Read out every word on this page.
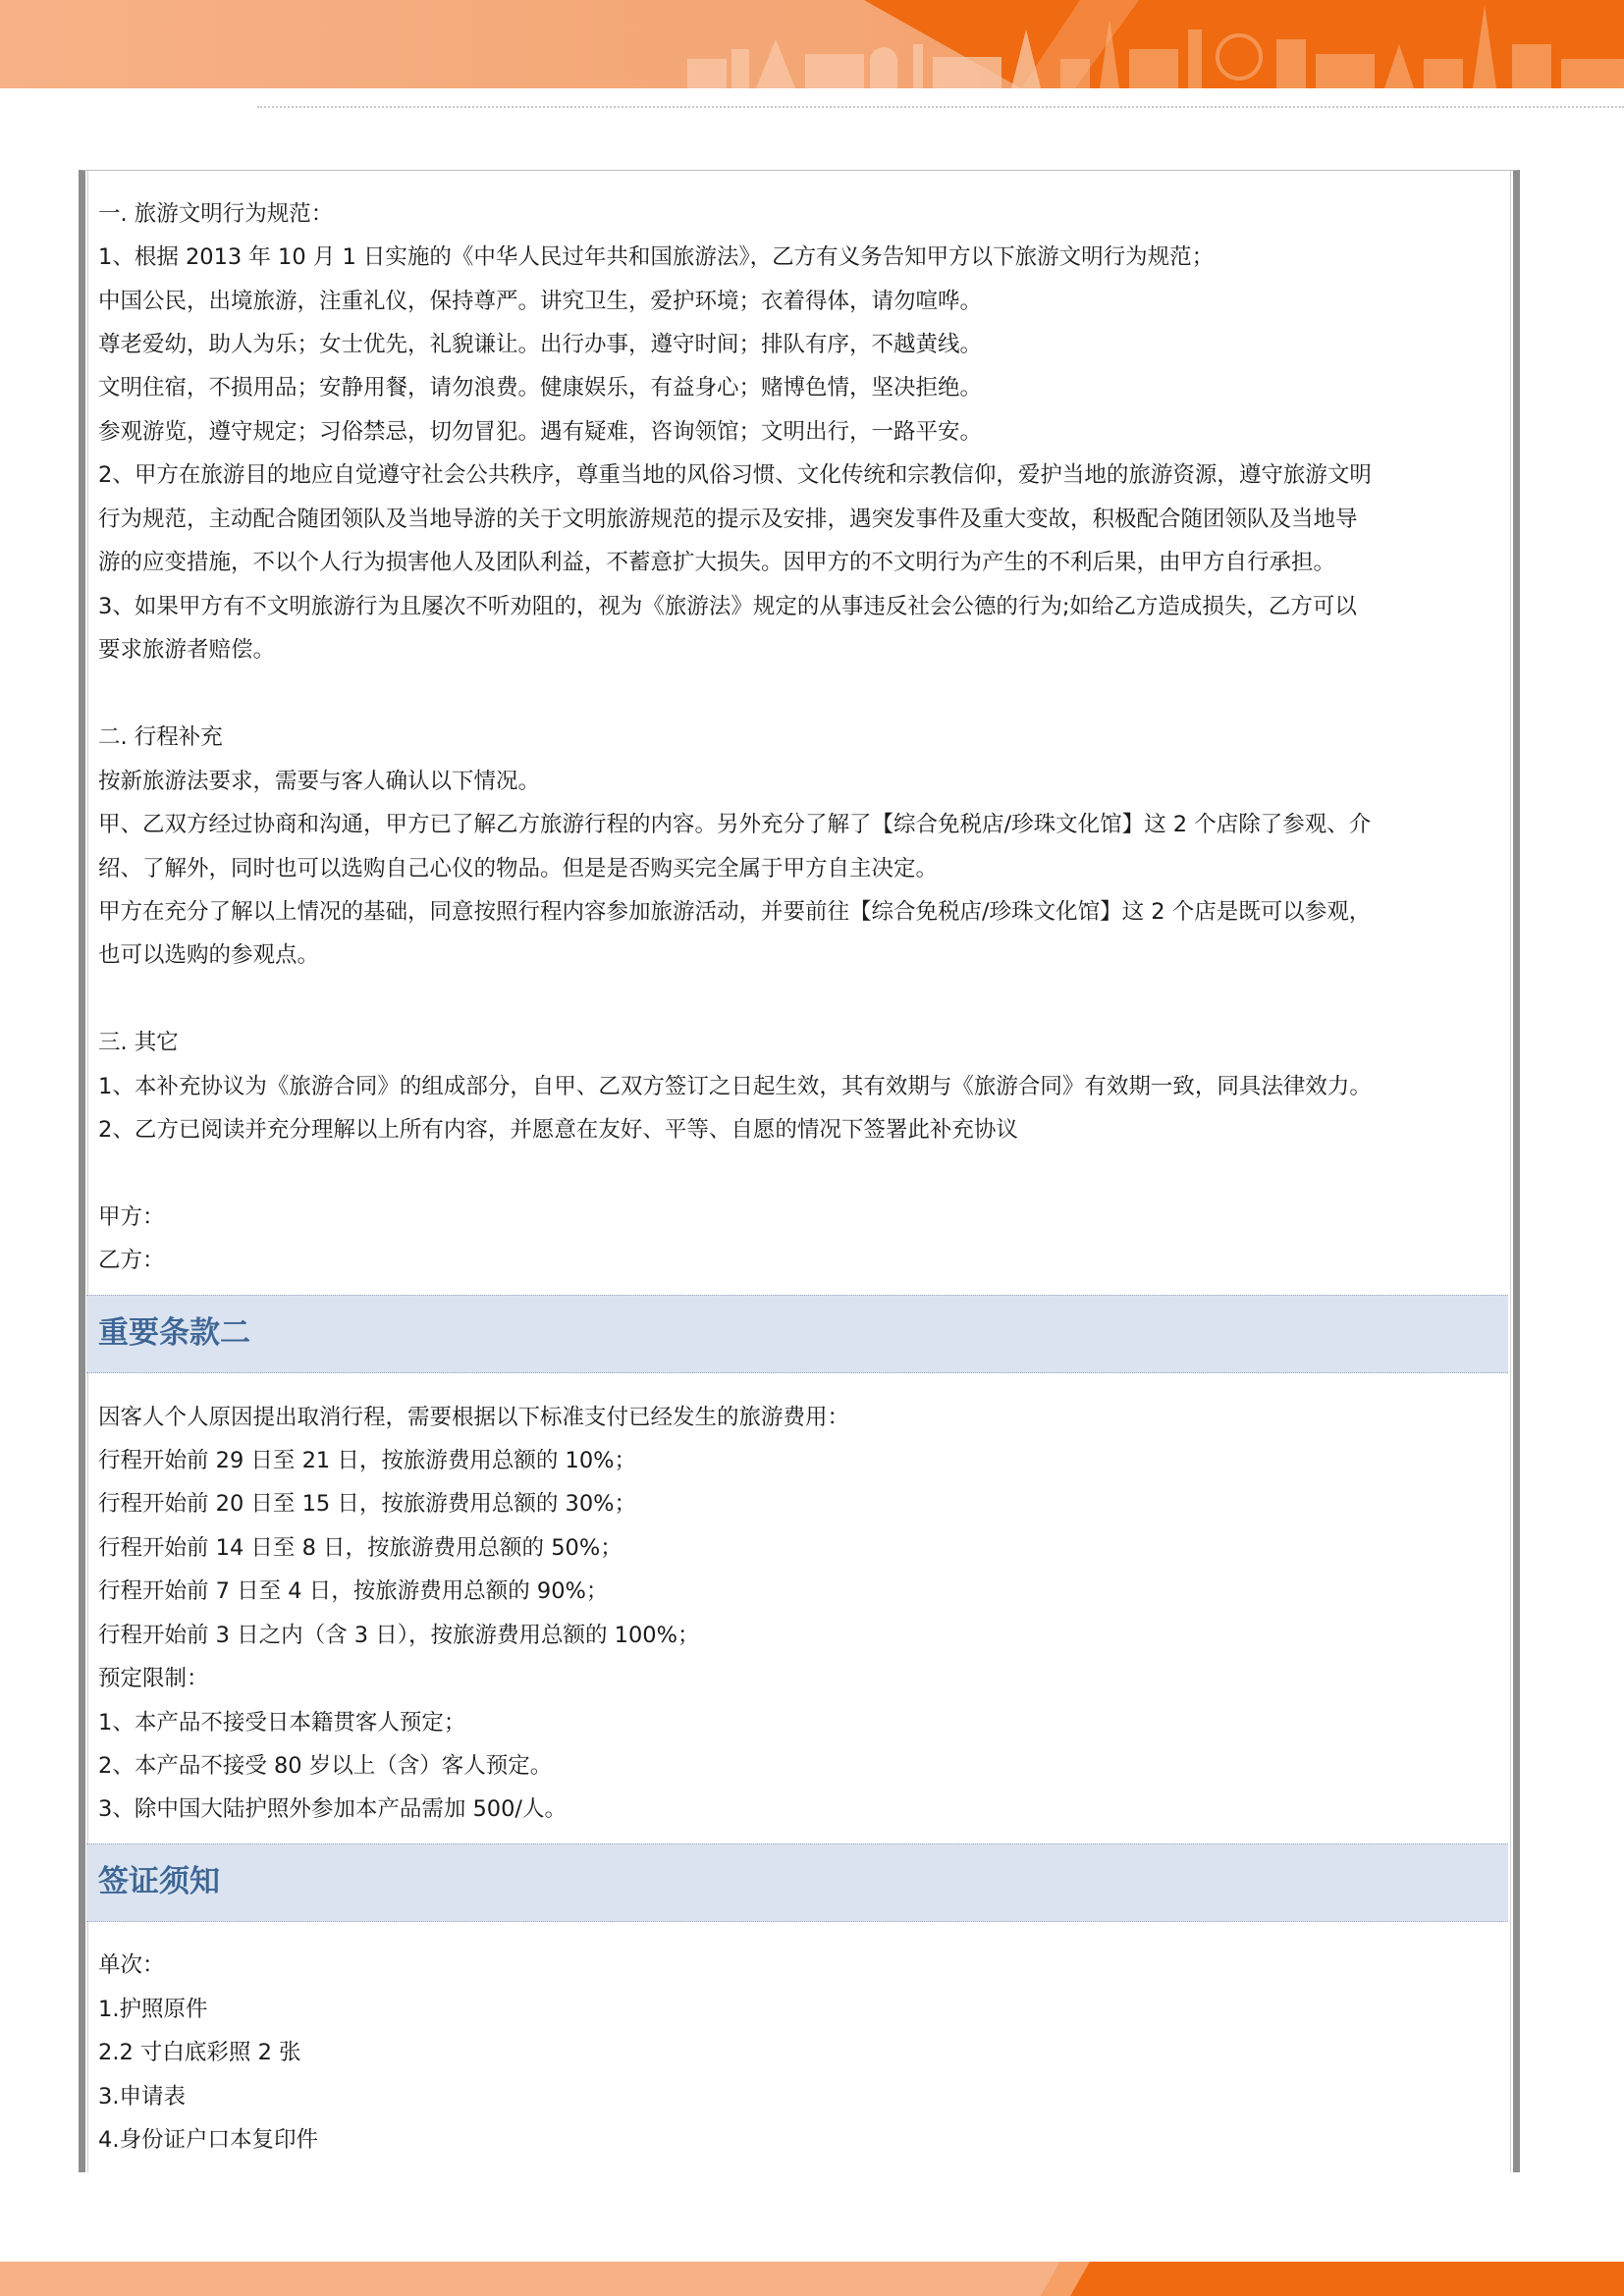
一. 旅游文明行为规范：
1、根据 2013 年 10 月 1 日实施的《中华人民过年共和国旅游法》，乙方有义务告知甲方以下旅游文明行为规范；
中国公民，出境旅游，注重礼仪，保持尊严。讲究卫生，爱护环境；衣着得体，请勿喧哗。
尊老爱幼，助人为乐；女士优先，礼貌谦让。出行办事，遵守时间；排队有序，不越黄线。
文明住宿，不损用品；安静用餐，请勿浪费。健康娱乐，有益身心；赌博色情，坚决拒绝。
参观游览，遵守规定；习俗禁忌，切勿冒犯。遇有疑难，咨询领馆；文明出行，一路平安。
2、甲方在旅游目的地应自觉遵守社会公共秩序，尊重当地的风俗习惯、文化传统和宗教信仰，爱护当地的旅游资源，遵守旅游文明
行为规范，主动配合随团领队及当地导游的关于文明旅游规范的提示及安排，遇突发事件及重大变故，积极配合随团领队及当地导
游的应变措施，不以个人行为损害他人及团队利益，不蓄意扩大损失。因甲方的不文明行为产生的不利后果，由甲方自行承担。
3、如果甲方有不文明旅游行为且屡次不听劝阻的，视为《旅游法》规定的从事违反社会公德的行为;如给乙方造成损失，乙方可以
要求旅游者赔偿。
二. 行程补充
按新旅游法要求，需要与客人确认以下情况。
甲、乙双方经过协商和沟通，甲方已了解乙方旅游行程的内容。另外充分了解了【综合免税店/珍珠文化馆】这 2 个店除了参观、介
绍、了解外，同时也可以选购自己心仪的物品。但是是否购买完全属于甲方自主决定。
甲方在充分了解以上情况的基础，同意按照行程内容参加旅游活动，并要前往【综合免税店/珍珠文化馆】这 2 个店是既可以参观，
也可以选购的参观点。
三. 其它
1、本补充协议为《旅游合同》的组成部分，自甲、乙双方签订之日起生效，其有效期与《旅游合同》有效期一致，同具法律效力。
2、乙方已阅读并充分理解以上所有内容，并愿意在友好、平等、自愿的情况下签署此补充协议
甲方：
乙方：
重要条款二
因客人个人原因提出取消行程，需要根据以下标准支付已经发生的旅游费用：
行程开始前 29 日至 21 日，按旅游费用总额的 10%；
行程开始前 20 日至 15 日，按旅游费用总额的 30%；
行程开始前 14 日至 8 日，按旅游费用总额的 50%；
行程开始前 7 日至 4 日，按旅游费用总额的 90%；
行程开始前 3 日之内（含 3 日），按旅游费用总额的 100%；
预定限制：
1、本产品不接受日本籍贯客人预定；
2、本产品不接受 80 岁以上（含）客人预定。
3、除中国大陆护照外参加本产品需加 500/人。
签证须知
单次：
1.护照原件
2.2 寸白底彩照 2 张
3.申请表
4.身份证户口本复印件
